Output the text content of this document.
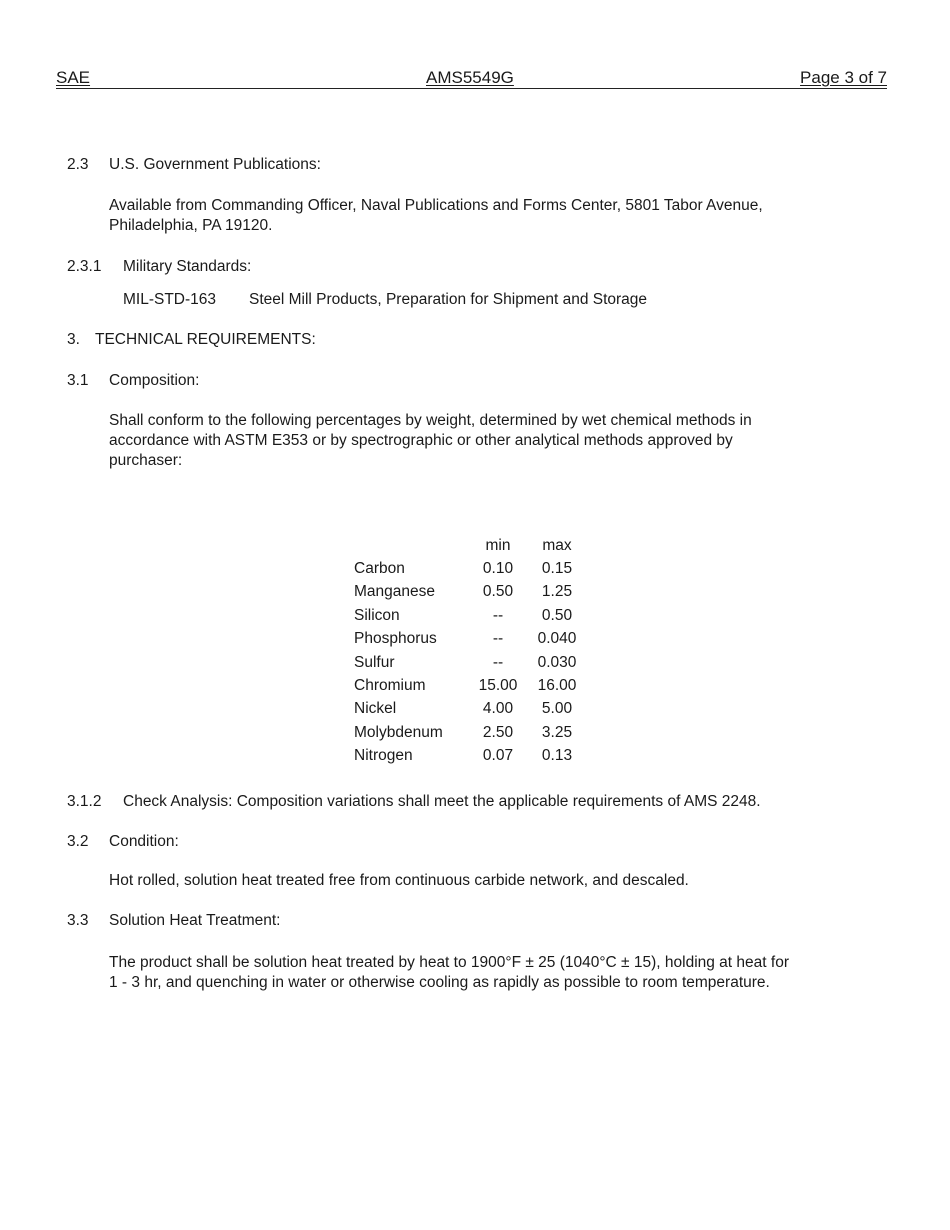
SAE	AMS5549G	Page 3 of 7
2.3 U.S. Government Publications:
Available from Commanding Officer, Naval Publications and Forms Center, 5801 Tabor Avenue,
Philadelphia, PA 19120.
2.3.1 Military Standards:
MIL-STD-163 Steel Mill Products, Preparation for Shipment and Storage
3. TECHNICAL REQUIREMENTS:
3.1 Composition:
Shall conform to the following percentages by weight, determined by wet chemical methods in
accordance with ASTM E353 or by spectrographic or other analytical methods approved by
purchaser:
	min	max
Carbon	0.10	0.15
Manganese	0.50	1.25
Silicon	--	0.50
Phosphorus	--	0.040
Sulfur	--	0.030
Chromium	15.00	16.00
Nickel	4.00	5.00
Molybdenum	2.50	3.25
Nitrogen	0.07	0.13
3.1.2 Check Analysis: Composition variations shall meet the applicable requirements of AMS 2248.
3.2 Condition:
Hot rolled, solution heat treated free from continuous carbide network, and descaled.
3.3 Solution Heat Treatment:
The product shall be solution heat treated by heat to 1900°F ± 25 (1040°C ± 15), holding at heat for
1 - 3 hr, and quenching in water or otherwise cooling as rapidly as possible to room temperature.
